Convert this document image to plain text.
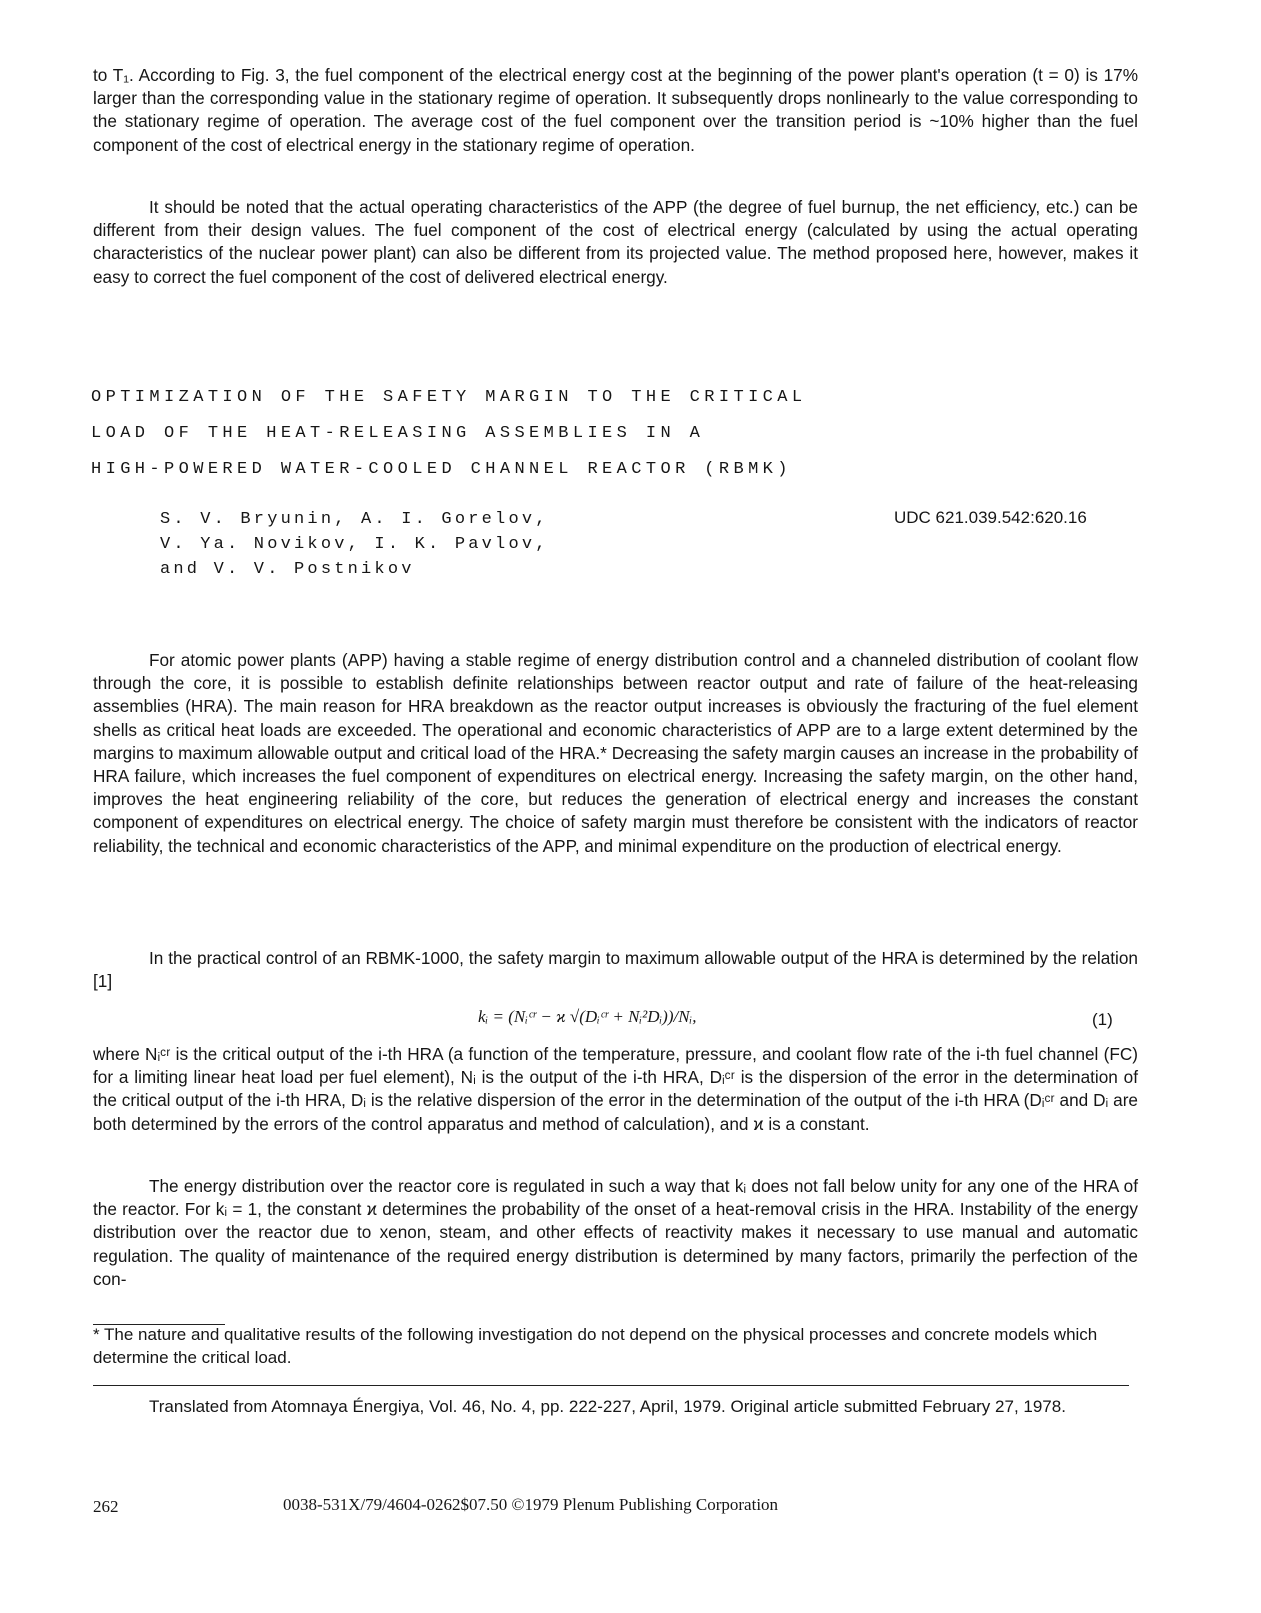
to T₁. According to Fig. 3, the fuel component of the electrical energy cost at the beginning of the power plant's operation (t = 0) is 17% larger than the corresponding value in the stationary regime of operation. It subsequently drops nonlinearly to the value corresponding to the stationary regime of operation. The average cost of the fuel component over the transition period is ~10% higher than the fuel component of the cost of electrical energy in the stationary regime of operation.

It should be noted that the actual operating characteristics of the APP (the degree of fuel burnup, the net efficiency, etc.) can be different from their design values. The fuel component of the cost of electrical energy (calculated by using the actual operating characteristics of the nuclear power plant) can also be different from its projected value. The method proposed here, however, makes it easy to correct the fuel component of the cost of delivered electrical energy.

OPTIMIZATION OF THE SAFETY MARGIN TO THE CRITICAL

LOAD OF THE HEAT-RELEASING ASSEMBLIES IN A

HIGH-POWERED WATER-COOLED CHANNEL REACTOR (RBMK)

S. V. Bryunin, A. I. Gorelov,

V. Ya. Novikov, I. K. Pavlov,

and V. V. Postnikov

UDC 621.039.542:620.16

For atomic power plants (APP) having a stable regime of energy distribution control and a channeled distribution of coolant flow through the core, it is possible to establish definite relationships between reactor output and rate of failure of the heat-releasing assemblies (HRA). The main reason for HRA breakdown as the reactor output increases is obviously the fracturing of the fuel element shells as critical heat loads are exceeded. The operational and economic characteristics of APP are to a large extent determined by the margins to maximum allowable output and critical load of the HRA.* Decreasing the safety margin causes an increase in the probability of HRA failure, which increases the fuel component of expenditures on electrical energy. Increasing the safety margin, on the other hand, improves the heat engineering reliability of the core, but reduces the generation of electrical energy and increases the constant component of expenditures on electrical energy. The choice of safety margin must therefore be consistent with the indicators of reactor reliability, the technical and economic characteristics of the APP, and minimal expenditure on the production of electrical energy.

In the practical control of an RBMK-1000, the safety margin to maximum allowable output of the HRA is determined by the relation [1]

kᵢ = (Nᵢᶜʳ − ϰ √(Dᵢᶜʳ + Nᵢ²Dᵢ))/Nᵢ,	(1)

where Nᵢᶜʳ is the critical output of the i-th HRA (a function of the temperature, pressure, and coolant flow rate of the i-th fuel channel (FC) for a limiting linear heat load per fuel element), Nᵢ is the output of the i-th HRA, Dᵢᶜʳ is the dispersion of the error in the determination of the critical output of the i-th HRA, Dᵢ is the relative dispersion of the error in the determination of the output of the i-th HRA (Dᵢᶜʳ and Dᵢ are both determined by the errors of the control apparatus and method of calculation), and ϰ is a constant.

The energy distribution over the reactor core is regulated in such a way that kᵢ does not fall below unity for any one of the HRA of the reactor. For kᵢ = 1, the constant ϰ determines the probability of the onset of a heat-removal crisis in the HRA. Instability of the energy distribution over the reactor due to xenon, steam, and other effects of reactivity makes it necessary to use manual and automatic regulation. The quality of maintenance of the required energy distribution is determined by many factors, primarily the perfection of the con-

* The nature and qualitative results of the following investigation do not depend on the physical processes and concrete models which determine the critical load.

Translated from Atomnaya Énergiya, Vol. 46, No. 4, pp. 222-227, April, 1979. Original article submitted February 27, 1978.

262	0038-531X/79/4604-0262$07.50 ©1979 Plenum Publishing Corporation
